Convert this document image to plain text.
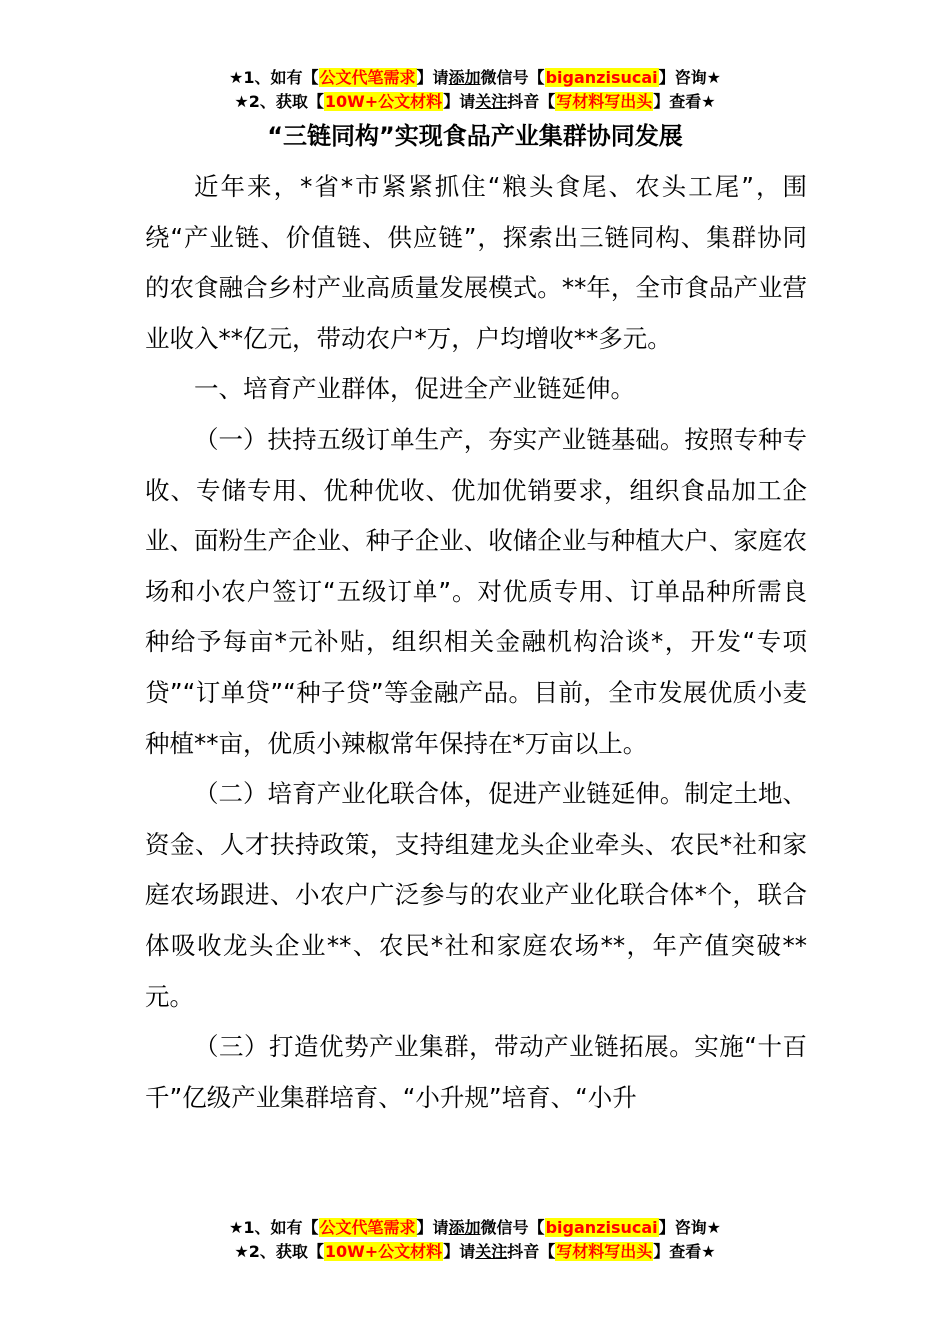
★1、如有【公文代笔需求】请添加微信号【biganzisucai】咨询★
★2、获取【10W+公文材料】请关注抖音【写材料写出头】查看★
“三链同构”实现食品产业集群协同发展

近年来，*省*市紧紧抓住“粮头食尾、农头工尾”，围绕“产业链、价值链、供应链”，探索出三链同构、集群协同的农食融合乡村产业高质量发展模式。**年，全市食品产业营业收入**亿元，带动农户*万，户均增收**多元。

一、培育产业群体，促进全产业链延伸。

（一）扶持五级订单生产，夯实产业链基础。按照专种专收、专储专用、优种优收、优加优销要求，组织食品加工企业、面粉生产企业、种子企业、收储企业与种植大户、家庭农场和小农户签订“五级订单”。对优质专用、订单品种所需良种给予每亩*元补贴，组织相关金融机构洽谈*，开发“专项贷”“订单贷”“种子贷”等金融产品。目前，全市发展优质小麦种植**亩，优质小辣椒常年保持在*万亩以上。

（二）培育产业化联合体，促进产业链延伸。制定土地、资金、人才扶持政策，支持组建龙头企业牵头、农民*社和家庭农场跟进、小农户广泛参与的农业产业化联合体*个，联合体吸收龙头企业**、农民*社和家庭农场**，年产值突破**元。

（三）打造优势产业集群，带动产业链拓展。实施“十百千”亿级产业集群培育、“小升规”培育、“小升

★1、如有【公文代笔需求】请添加微信号【biganzisucai】咨询★
★2、获取【10W+公文材料】请关注抖音【写材料写出头】查看★
